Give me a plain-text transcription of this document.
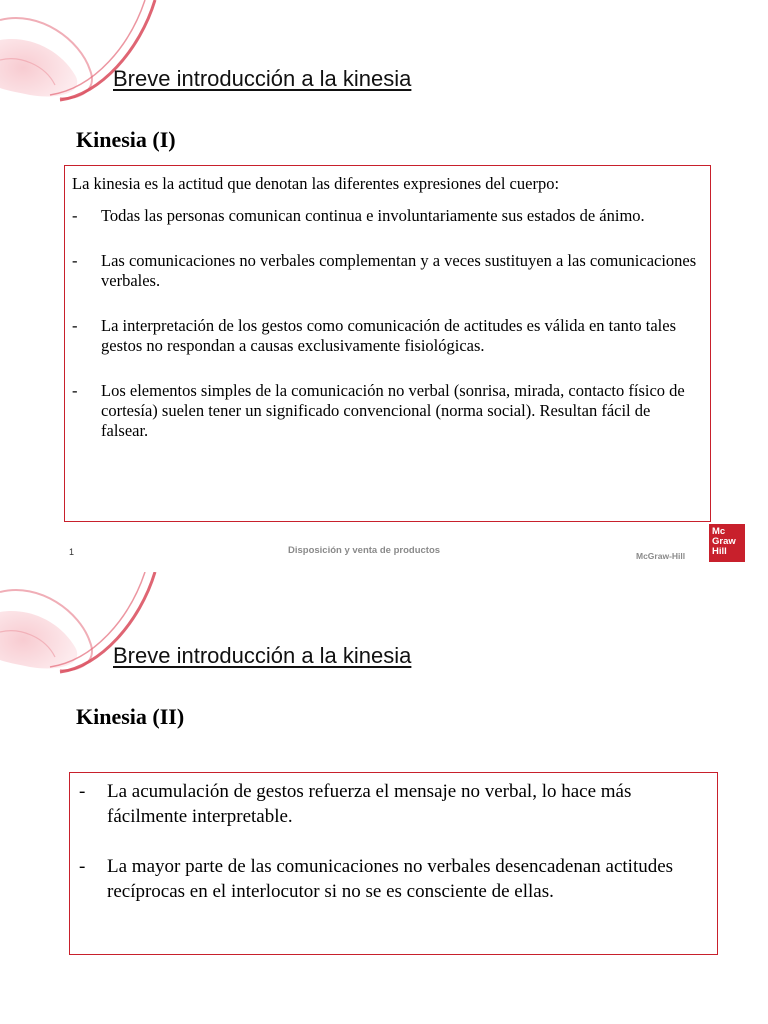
Breve introducción a la kinesia
Kinesia (I)

La kinesia es la actitud que denotan las diferentes expresiones del cuerpo:

-	Todas las personas comunican continua e involuntariamente sus estados de ánimo.
-	Las comunicaciones no verbales complementan y a veces sustituyen a las comunicaciones verbales.
-	La interpretación de los gestos como comunicación de actitudes es válida en tanto tales gestos no respondan a causas exclusivamente fisiológicas.
-	Los elementos simples de la comunicación no verbal (sonrisa, mirada, contacto físico de cortesía) suelen tener un significado convencional (norma social). Resultan fácil de falsear.
1	Disposición y venta de productos	McGraw-Hill
Mc
Graw
Hill
Breve introducción a la kinesia
Kinesia (II)
-	La acumulación de gestos refuerza el mensaje no verbal, lo hace más fácilmente interpretable.
-	La mayor parte de las comunicaciones no verbales desencadenan actitudes recíprocas en el interlocutor si no se es consciente de ellas.
